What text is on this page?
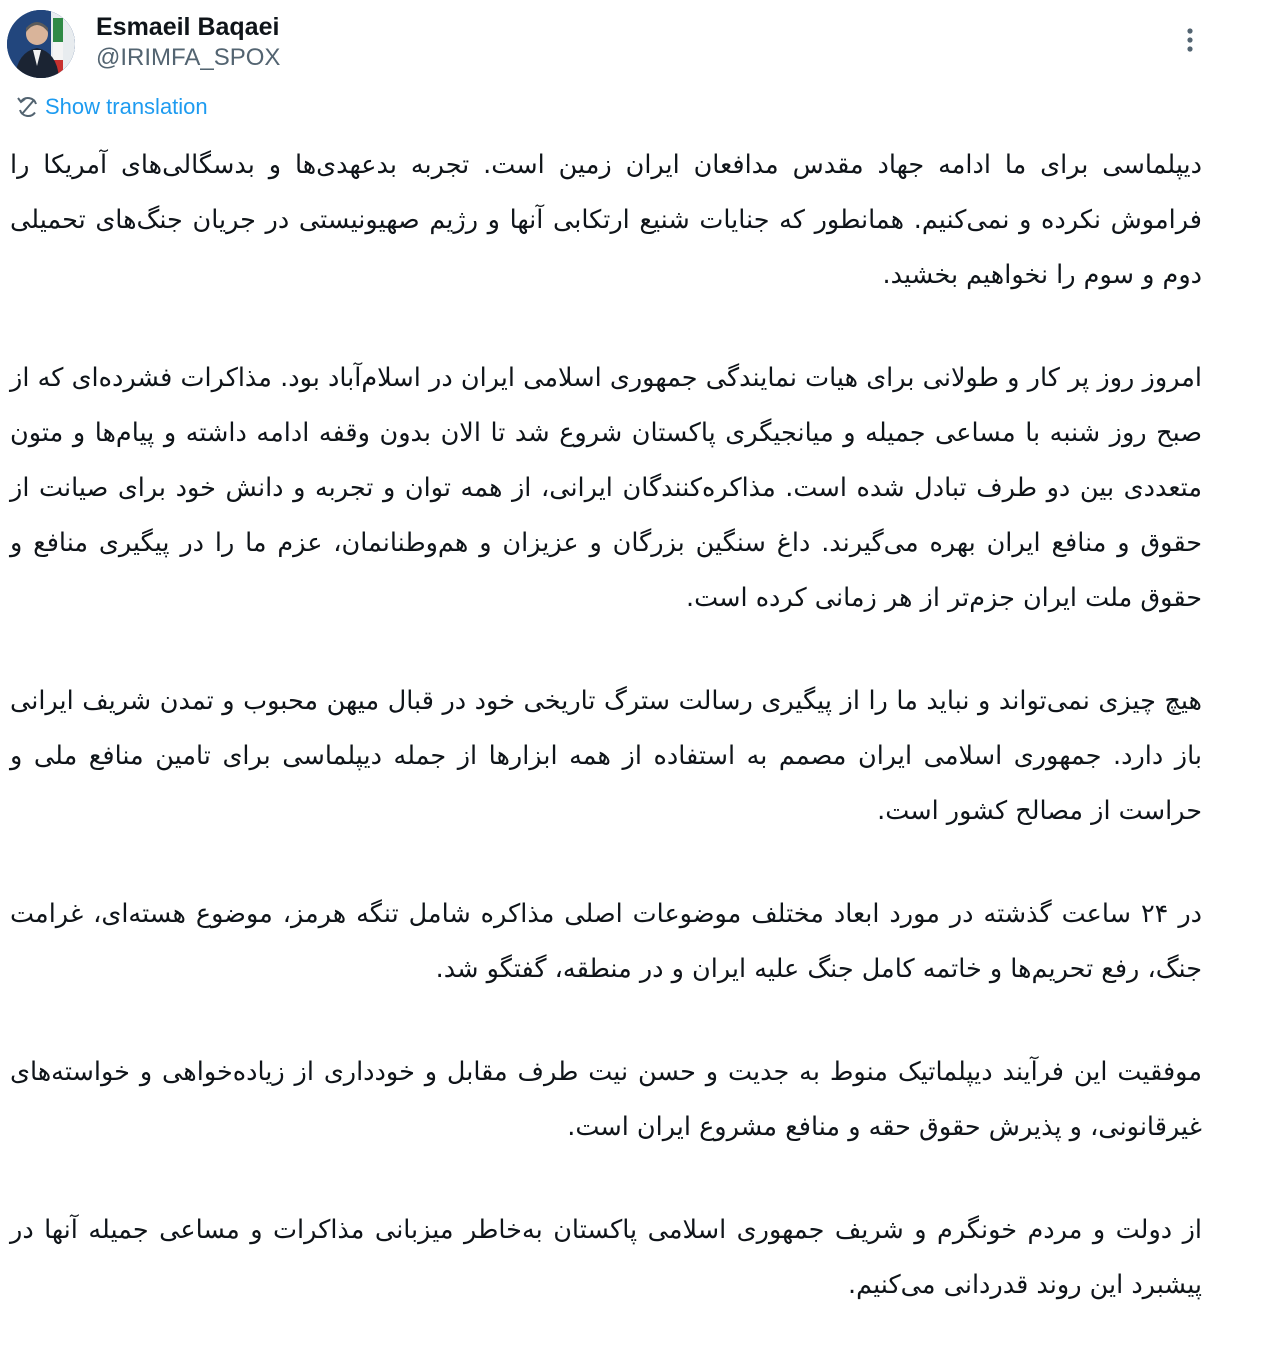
Esmaeil Baqaei
@IRIMFA_SPOX
Show translation

دیپلماسی برای ما ادامه جهاد مقدس مدافعان ایران زمین است. تجربه بدعهدی‌ها و بدسگالی‌های آمریکا را فراموش نکرده و نمی‌کنیم. همانطور که جنایات شنیع ارتکابی آنها و رژیم صهیونیستی در جریان جنگ‌های تحمیلی دوم و سوم را نخواهیم بخشید.

امروز روز پر کار و طولانی برای هیات نمایندگی جمهوری اسلامی ایران در اسلام‌آباد بود. مذاکرات فشرده‌ای که از صبح روز شنبه با مساعی جمیله و میانجیگری پاکستان شروع شد تا الان بدون وقفه ادامه داشته و پیام‌ها و متون متعددی بین دو طرف تبادل شده است. مذاکره‌کنندگان ایرانی، از همه توان و تجربه و دانش خود برای صیانت از حقوق و منافع ایران بهره می‌گیرند. داغ سنگین بزرگان و عزیزان و هم‌وطنانمان، عزم ما را در پیگیری منافع و حقوق ملت ایران جزم‌تر از هر زمانی کرده است.

هیچ چیزی نمی‌تواند و نباید ما را از پیگیری رسالت سترگ تاریخی خود در قبال میهن محبوب و تمدن شریف ایرانی باز دارد. جمهوری اسلامی ایران مصمم به استفاده از همه ابزارها از جمله دیپلماسی برای تامین منافع ملی و حراست از مصالح کشور است.

در ۲۴ ساعت گذشته در مورد ابعاد مختلف موضوعات اصلی مذاکره شامل تنگه هرمز، موضوع هسته‌ای، غرامت جنگ، رفع تحریم‌ها و خاتمه کامل جنگ علیه ایران و در منطقه، گفتگو شد.

موفقیت این فرآیند دیپلماتیک منوط به جدیت و حسن نیت طرف مقابل و خودداری از زیاده‌خواهی و خواسته‌های غیرقانونی، و پذیرش حقوق حقه و منافع مشروع ایران است.

از دولت و مردم خونگرم و شریف جمهوری اسلامی پاکستان به‌خاطر میزبانی مذاکرات و مساعی جمیله آنها در پیشبرد این روند قدردانی می‌کنیم.
